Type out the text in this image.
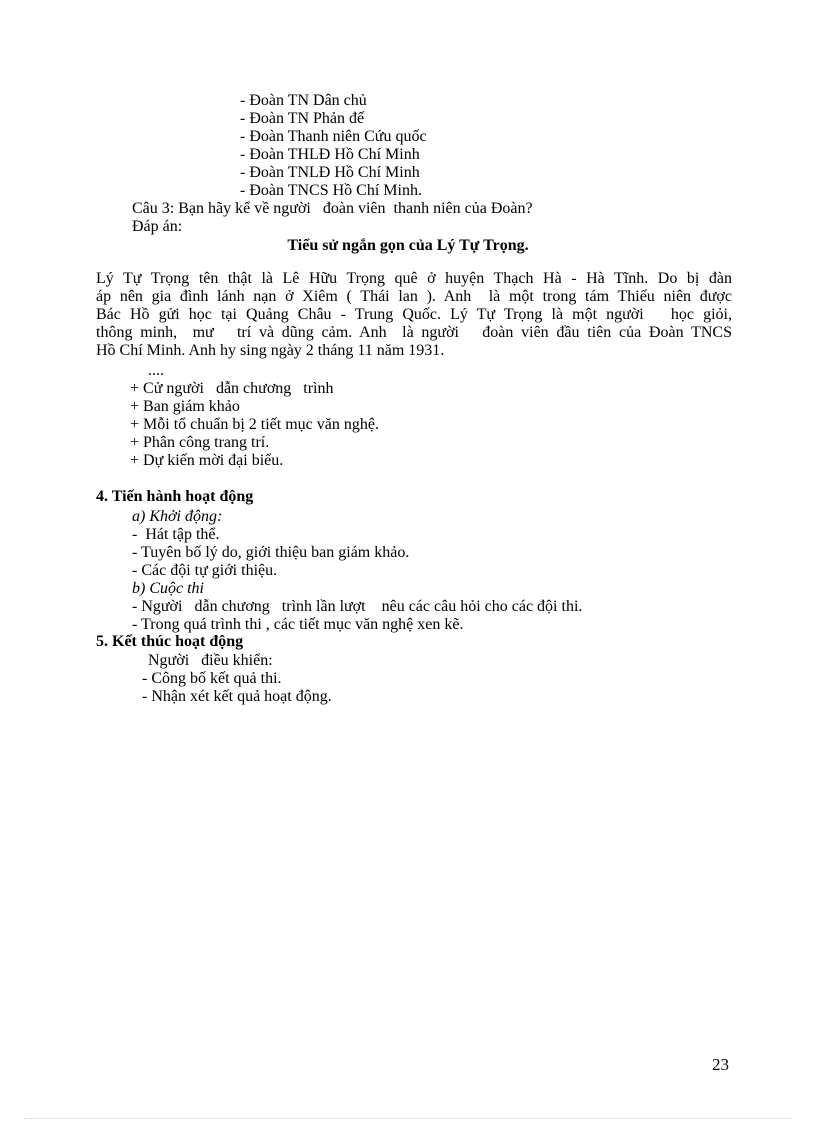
- Đoàn TN Dân chủ
- Đoàn TN Phản đế
- Đoàn Thanh niên Cứu quốc
- Đoàn THLĐ Hồ Chí Minh
- Đoàn TNLĐ Hồ Chí Minh
- Đoàn TNCS Hồ Chí Minh.
Câu 3: Bạn hãy kể về người   đoàn viên  thanh niên của Đoàn?
Đáp án:
Tiểu sử ngắn gọn của Lý Tự Trọng.
Lý Tự Trọng tên thật là Lê Hữu Trọng quê ở huyện Thạch Hà - Hà Tĩnh. Do bị đàn
áp nên gia đình lánh nạn ở Xiêm ( Thái lan ). Anh  là một trong tám Thiếu niên được
Bác Hồ gửi học tại Quảng Châu - Trung Quốc. Lý Tự Trọng là một người   học giỏi,
thông minh,  mư   trí và dũng cảm. Anh  là người   đoàn viên đầu tiên của Đoàn TNCS
Hồ Chí Minh. Anh hy sing ngày 2 tháng 11 năm 1931.
....
+ Cử người   dẫn chương   trình
+ Ban giám khảo
+ Mỗi tổ chuẩn bị 2 tiết mục văn nghệ.
+ Phân công trang trí.
+ Dự kiến mời đại biểu.
4. Tiến hành hoạt động
a) Khởi động:
-  Hát tập thể.
- Tuyên bố lý do, giới thiệu ban giám khảo.
- Các đội tự giới thiệu.
b) Cuộc thi
- Người   dẫn chương   trình lần lượt    nêu các câu hỏi cho các đội thi.
- Trong quá trình thi , các tiết mục văn nghệ xen kẽ.
5. Kết thúc hoạt động
Người   điều khiển:
- Công bố kết quả thi.
- Nhận xét kết quả hoạt động.
23
